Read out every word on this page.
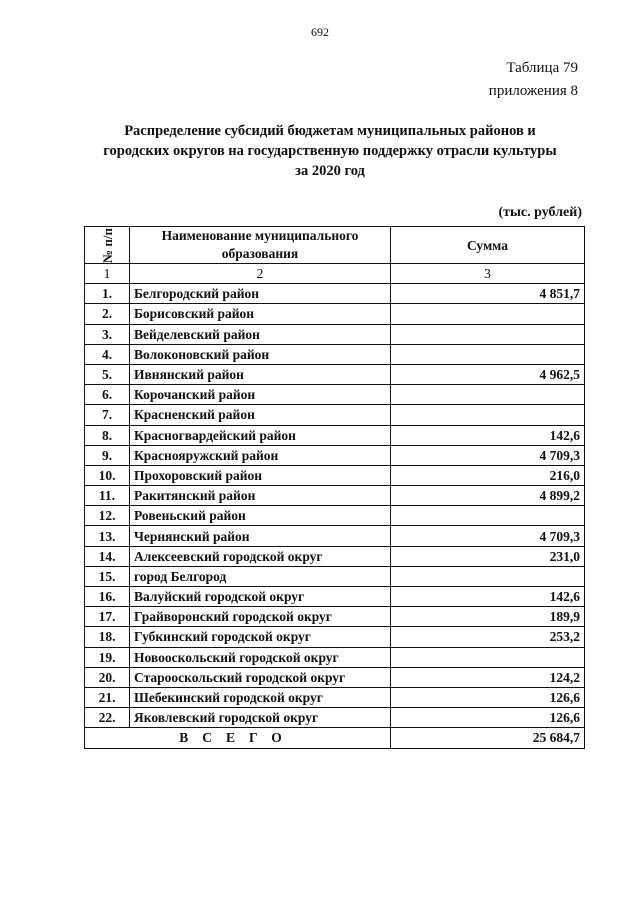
692
Таблица 79
приложения 8
Распределение субсидий бюджетам муниципальных районов и
городских округов на государственную поддержку отрасли культуры
за 2020 год
(тыс. рублей)
№ п/п	Наименование муниципального образования	Сумма
1	2	3
1.	Белгородский район	4 851,7
2.	Борисовский район	
3.	Вейделевский район	
4.	Волоконовский район	
5.	Ивнянский район	4 962,5
6.	Корочанский район	
7.	Красненский район	
8.	Красногвардейский район	142,6
9.	Краснояружский район	4 709,3
10.	Прохоровский район	216,0
11.	Ракитянский район	4 899,2
12.	Ровеньский район	
13.	Чернянский район	4 709,3
14.	Алексеевский городской округ	231,0
15.	город Белгород	
16.	Валуйский городской округ	142,6
17.	Грайворонский городской округ	189,9
18.	Губкинский городской округ	253,2
19.	Новооскольский городской округ	
20.	Старооскольский городской округ	124,2
21.	Шебекинский городской округ	126,6
22.	Яковлевский городской округ	126,6
ВСЕГО		25 684,7
